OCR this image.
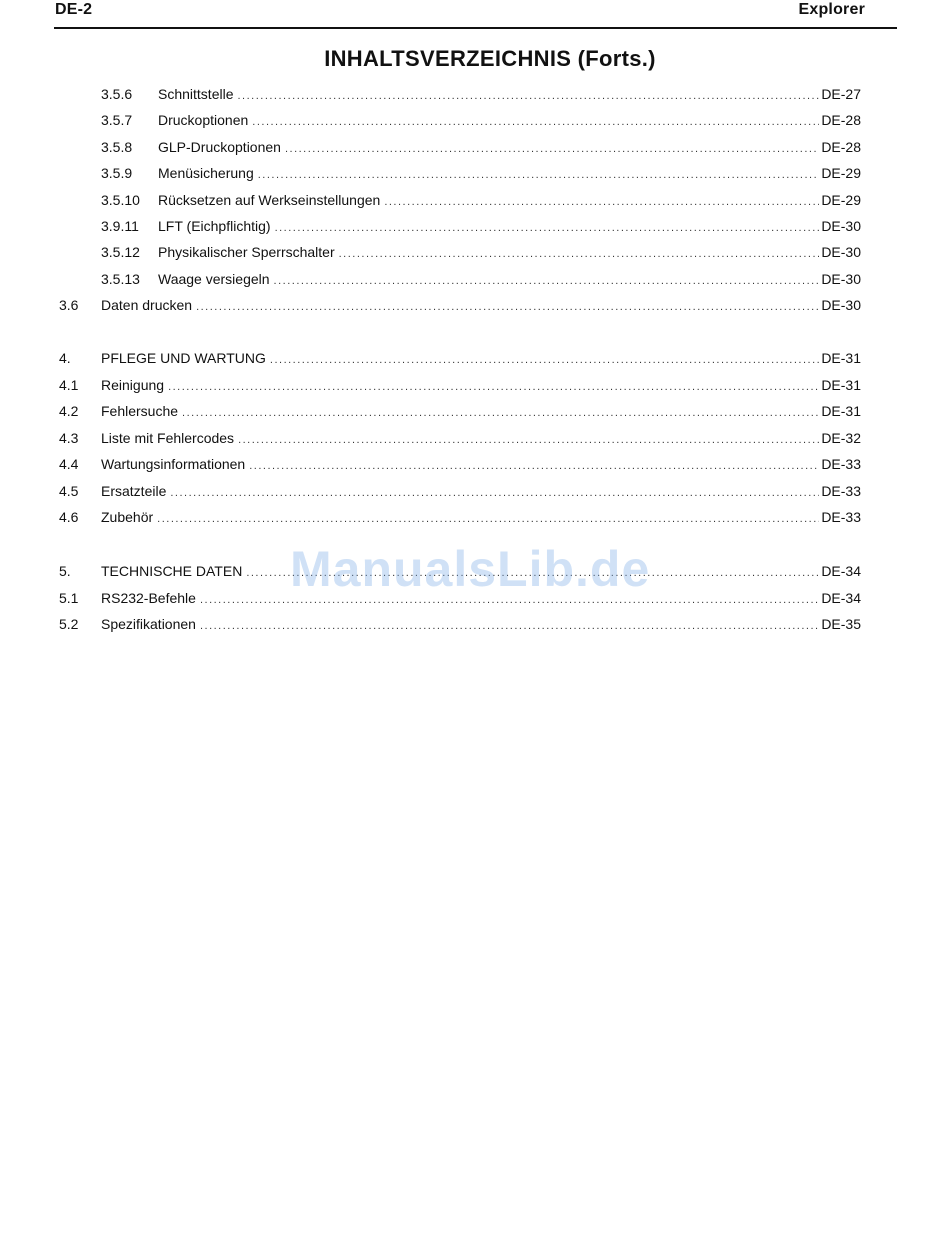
DE-2	Explorer
INHALTSVERZEICHNIS (Forts.)
3.5.6	Schnittstelle .....	DE-27
3.5.7	Druckoptionen .....	DE-28
3.5.8	GLP-Druckoptionen .....	DE-28
3.5.9	Menüsicherung .....	DE-29
3.5.10	Rücksetzen auf Werkseinstellungen .....	DE-29
3.9.11	LFT (Eichpflichtig) .....	DE-30
3.5.12	Physikalischer Sperrschalter .....	DE-30
3.5.13	Waage versiegeln .....	DE-30
3.6	Daten drucken .....	DE-30
4.	PFLEGE UND WARTUNG .....	DE-31
4.1	Reinigung .....	DE-31
4.2	Fehlersuche .....	DE-31
4.3	Liste mit Fehlercodes .....	DE-32
4.4	Wartungsinformationen .....	DE-33
4.5	Ersatzteile .....	DE-33
4.6	Zubehör .....	DE-33
5.	TECHNISCHE DATEN .....	DE-34
5.1	RS232-Befehle .....	DE-34
5.2	Spezifikationen .....	DE-35
ManualsLib.de
